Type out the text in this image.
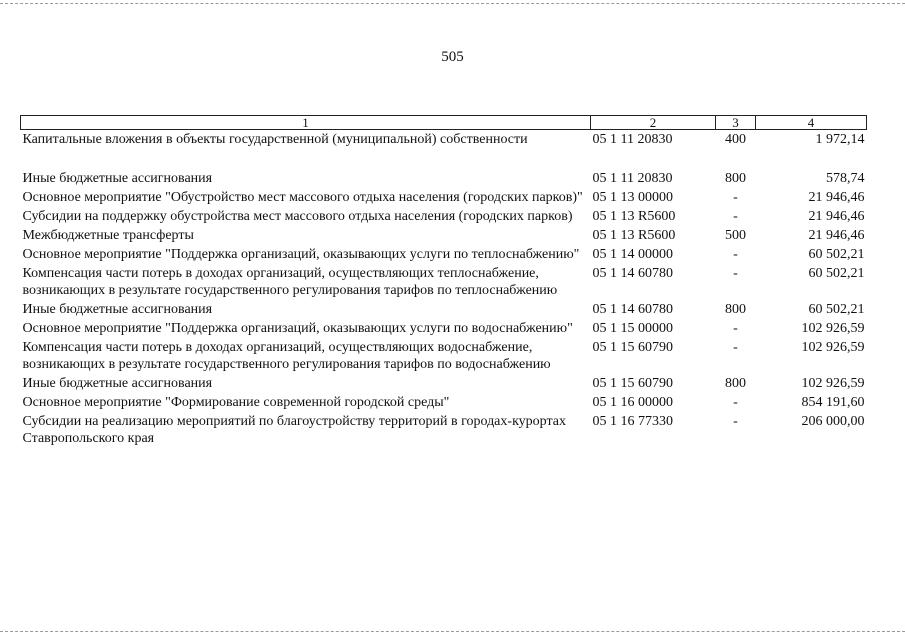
505
1	2	3	4
Капитальные вложения в объекты государственной (муниципальной) собственности	05 1 11 20830	400	1 972,14

Иные бюджетные ассигнования	05 1 11 20830	800	578,74
Основное мероприятие "Обустройство мест массового отдыха населения (городских парков)"	05 1 13 00000	-	21 946,46
Субсидии на поддержку обустройства мест массового отдыха населения (городских парков)	05 1 13 R5600	-	21 946,46
Межбюджетные трансферты	05 1 13 R5600	500	21 946,46
Основное мероприятие "Поддержка организаций, оказывающих услуги по теплоснабжению"	05 1 14 00000	-	60 502,21
Компенсация части потерь в доходах организаций, осуществляющих теплоснабжение, возникающих в результате государственного регулирования тарифов по теплоснабжению	05 1 14 60780	-	60 502,21
Иные бюджетные ассигнования	05 1 14 60780	800	60 502,21
Основное мероприятие "Поддержка организаций, оказывающих услуги по водоснабжению"	05 1 15 00000	-	102 926,59
Компенсация части потерь в доходах организаций, осуществляющих водоснабжение, возникающих в результате государственного регулирования тарифов по водоснабжению	05 1 15 60790	-	102 926,59
Иные бюджетные ассигнования	05 1 15 60790	800	102 926,59
Основное мероприятие "Формирование современной городской среды"	05 1 16 00000	-	854 191,60
Субсидии на реализацию мероприятий по благоустройству территорий в городах-курортах Ставропольского края	05 1 16 77330	-	206 000,00
